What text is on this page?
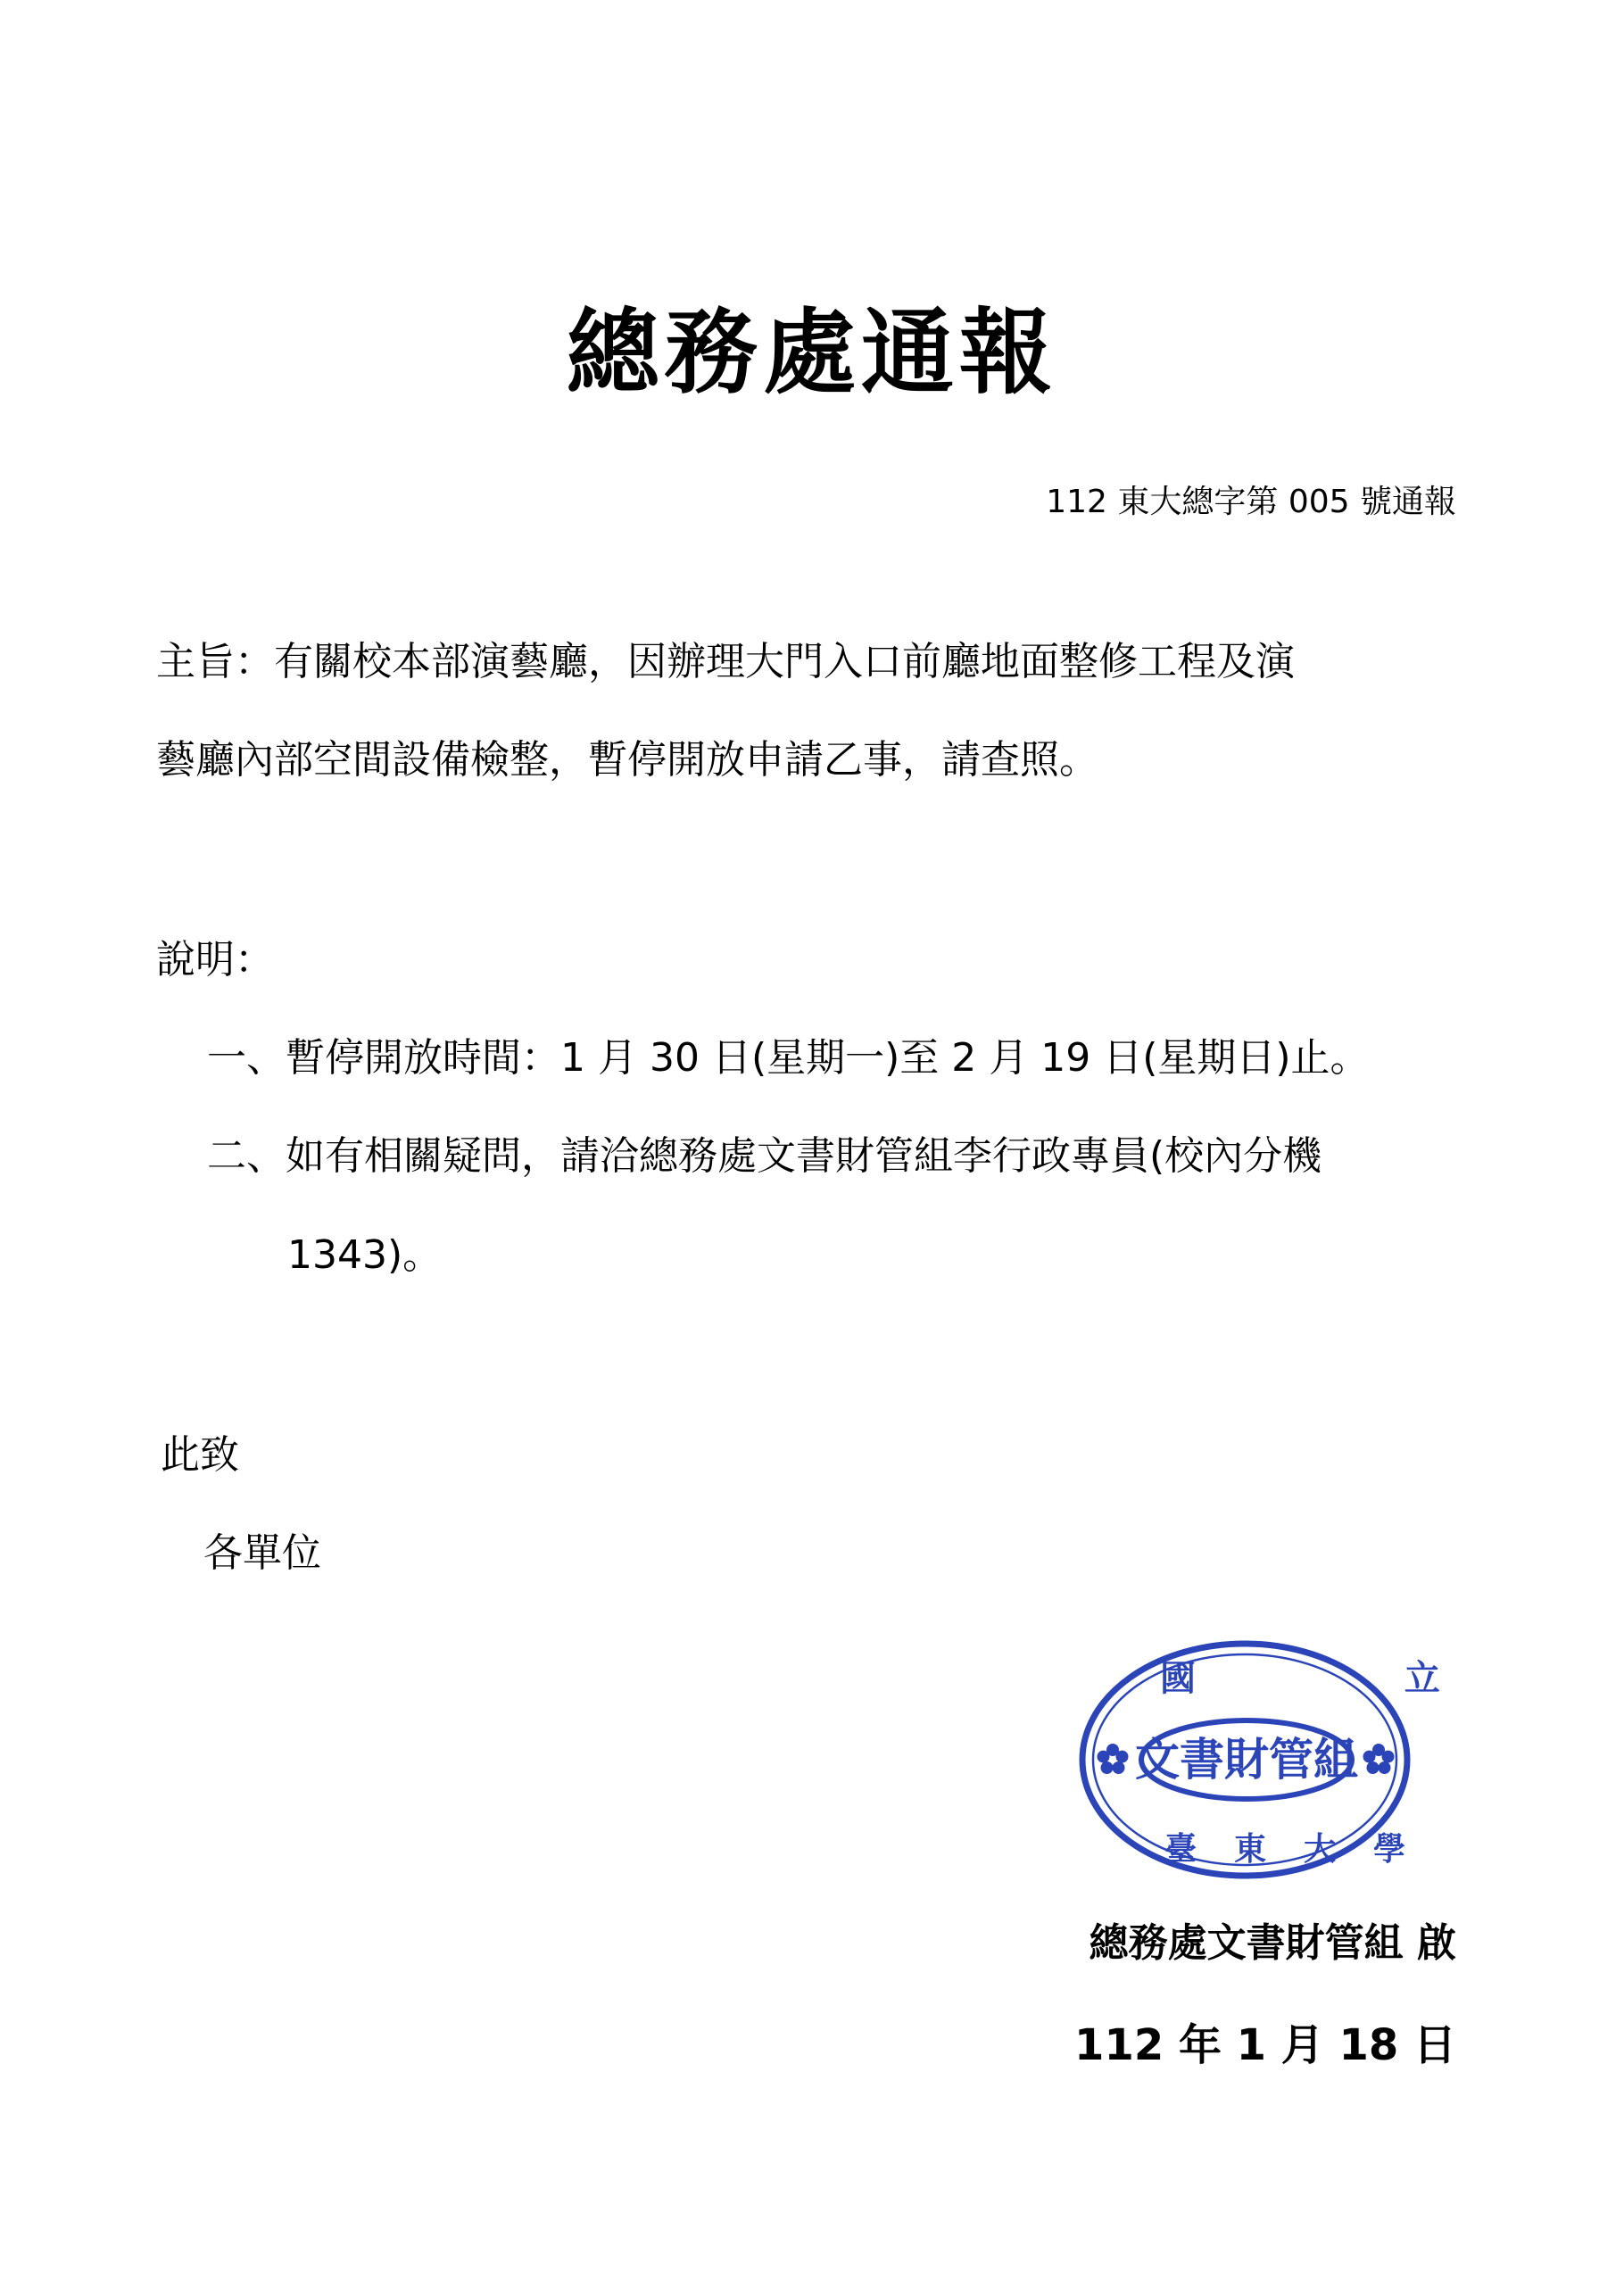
總務處通報
112 東大總字第 005 號通報
主旨：有關校本部演藝廳，因辦理大門入口前廳地面整修工程及演
藝廳內部空間設備檢整，暫停開放申請乙事，請查照。
說明：
一、暫停開放時間：1 月 30 日(星期一)至 2 月 19 日(星期日)止。
二、如有相關疑問，請洽總務處文書財管組李行政專員(校內分機
1343)。
此致
各單位
國 立
文書財管組
臺東大學
總務處文書財管組 啟
112 年 1 月 18 日
